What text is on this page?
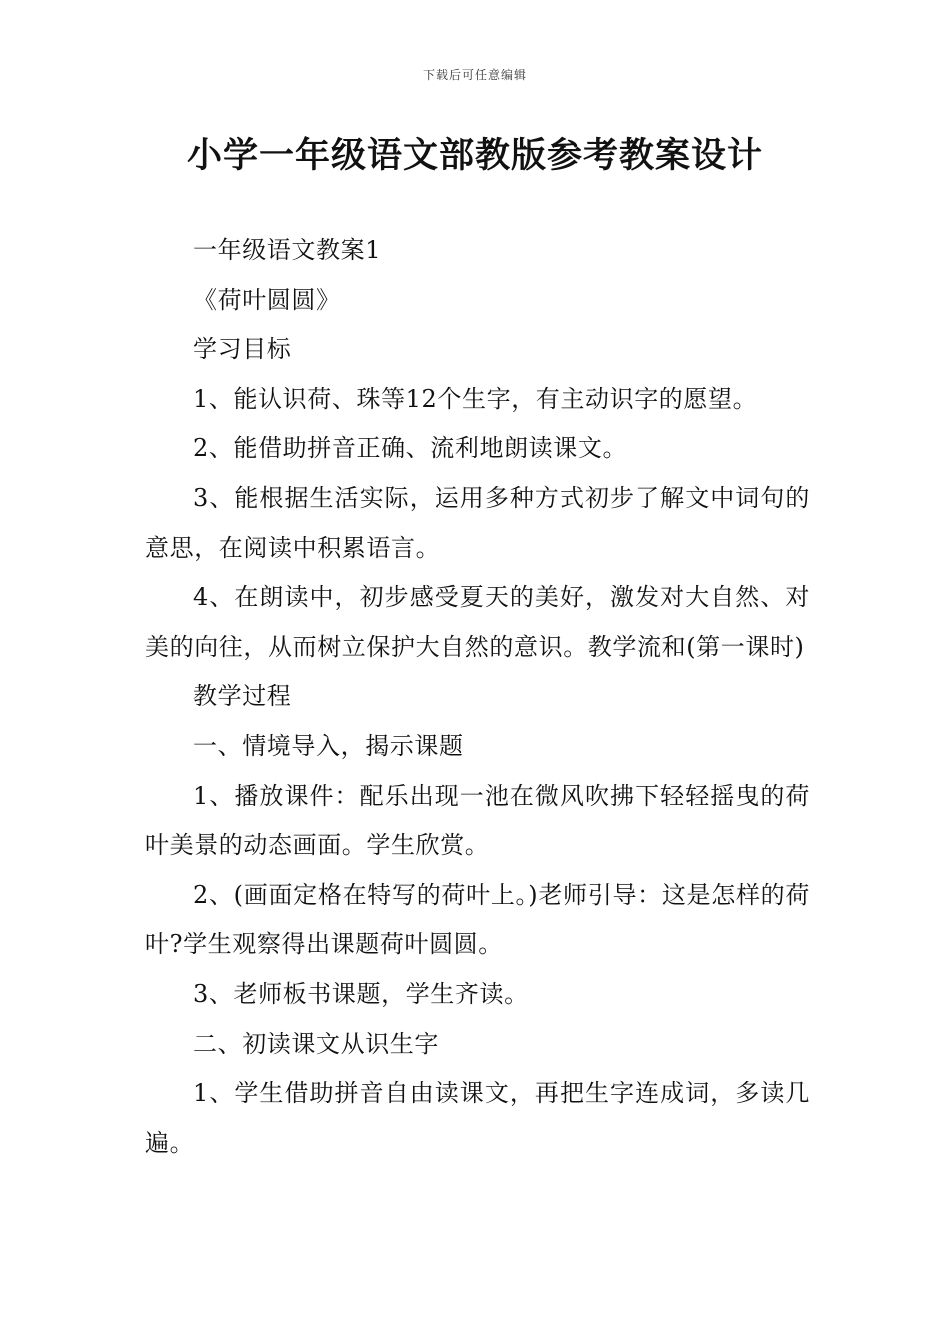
下载后可任意编辑
小学一年级语文部教版参考教案设计

一年级语文教案1

《荷叶圆圆》

学习目标

1、能认识荷、珠等12个生字，有主动识字的愿望。

2、能借助拼音正确、流利地朗读课文。

3、能根据生活实际，运用多种方式初步了解文中词句的意思，在阅读中积累语言。

4、在朗读中，初步感受夏天的美好，激发对大自然、对美的向往，从而树立保护大自然的意识。教学流和(第一课时)

教学过程

一、情境导入，揭示课题

1、播放课件：配乐出现一池在微风吹拂下轻轻摇曳的荷叶美景的动态画面。学生欣赏。

2、(画面定格在特写的荷叶上。)老师引导：这是怎样的荷叶?学生观察得出课题荷叶圆圆。

3、老师板书课题，学生齐读。

二、初读课文从识生字

1、学生借助拼音自由读课文，再把生字连成词，多读几遍。
